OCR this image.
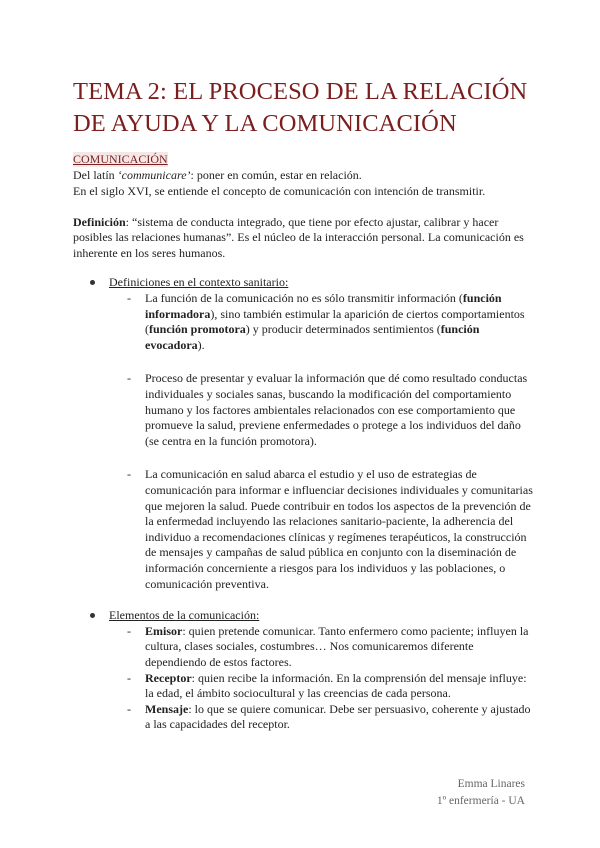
TEMA 2: EL PROCESO DE LA RELACIÓN
DE AYUDA Y LA COMUNICACIÓN
COMUNICACIÓN

Del latín ‘communicare’: poner en común, estar en relación.
En el siglo XVI, se entiende el concepto de comunicación con intención de transmitir.

Definición: “sistema de conducta integrado, que tiene por efecto ajustar, calibrar y hacer posibles las relaciones humanas”. Es el núcleo de la interacción personal. La comunicación es inherente en los seres humanos.

Definiciones en el contexto sanitario:
- La función de la comunicación no es sólo transmitir información (función informadora), sino también estimular la aparición de ciertos comportamientos (función promotora) y producir determinados sentimientos (función evocadora).
- Proceso de presentar y evaluar la información que dé como resultado conductas individuales y sociales sanas, buscando la modificación del comportamiento humano y los factores ambientales relacionados con ese comportamiento que promueve la salud, previene enfermedades o protege a los individuos del daño (se centra en la función promotora).
- La comunicación en salud abarca el estudio y el uso de estrategias de comunicación para informar e influenciar decisiones individuales y comunitarias que mejoren la salud. Puede contribuir en todos los aspectos de la prevención de la enfermedad incluyendo las relaciones sanitario-paciente, la adherencia del individuo a recomendaciones clínicas y regímenes terapéuticos, la construcción de mensajes y campañas de salud pública en conjunto con la diseminación de información concerniente a riesgos para los individuos y las poblaciones, o comunicación preventiva.
Elementos de la comunicación:
- Emisor: quien pretende comunicar. Tanto enfermero como paciente; influyen la cultura, clases sociales, costumbres… Nos comunicaremos diferente dependiendo de estos factores.
- Receptor: quien recibe la información. En la comprensión del mensaje influye: la edad, el ámbito sociocultural y las creencias de cada persona.
- Mensaje: lo que se quiere comunicar. Debe ser persuasivo, coherente y ajustado a las capacidades del receptor.
Emma Linares
1º enfermería - UA
